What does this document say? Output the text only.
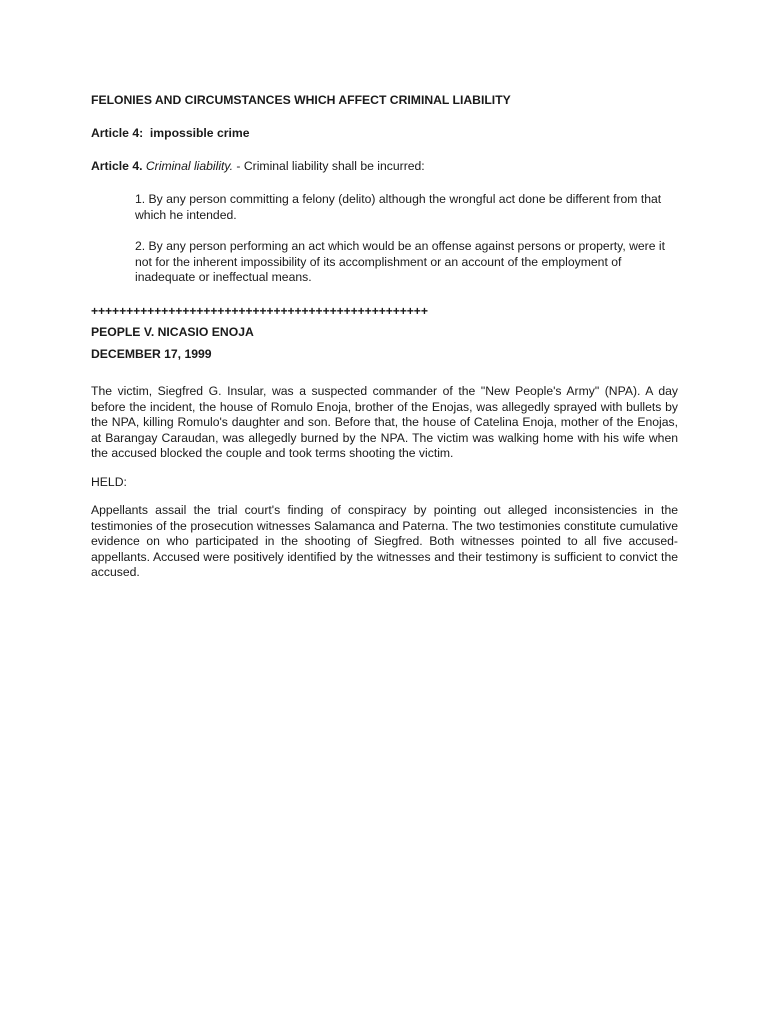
FELONIES AND CIRCUMSTANCES WHICH AFFECT CRIMINAL LIABILITY

Article 4:  impossible crime

Article 4. Criminal liability. - Criminal liability shall be incurred:

1. By any person committing a felony (delito) although the wrongful act done be different from that which he intended.

2. By any person performing an act which would be an offense against persons or property, were it not for the inherent impossibility of its accomplishment or an account of the employment of inadequate or ineffectual means.

++++++++++++++++++++++++++++++++++++++++++++++++

PEOPLE V. NICASIO ENOJA

DECEMBER 17, 1999

The victim, Siegfred G. Insular, was a suspected commander of the "New People's Army" (NPA). A day before the incident, the house of Romulo Enoja, brother of the Enojas, was allegedly sprayed with bullets by the NPA, killing Romulo's daughter and son. Before that, the house of Catelina Enoja, mother of the Enojas, at Barangay Caraudan, was allegedly burned by the NPA. The victim was walking home with his wife when the accused blocked the couple and took terms shooting the victim.

HELD:

Appellants assail the trial court's finding of conspiracy by pointing out alleged inconsistencies in the testimonies of the prosecution witnesses Salamanca and Paterna. The two testimonies constitute cumulative evidence on who participated in the shooting of Siegfred. Both witnesses pointed to all five accused-appellants. Accused were positively identified by the witnesses and their testimony is sufficient to convict the accused.
